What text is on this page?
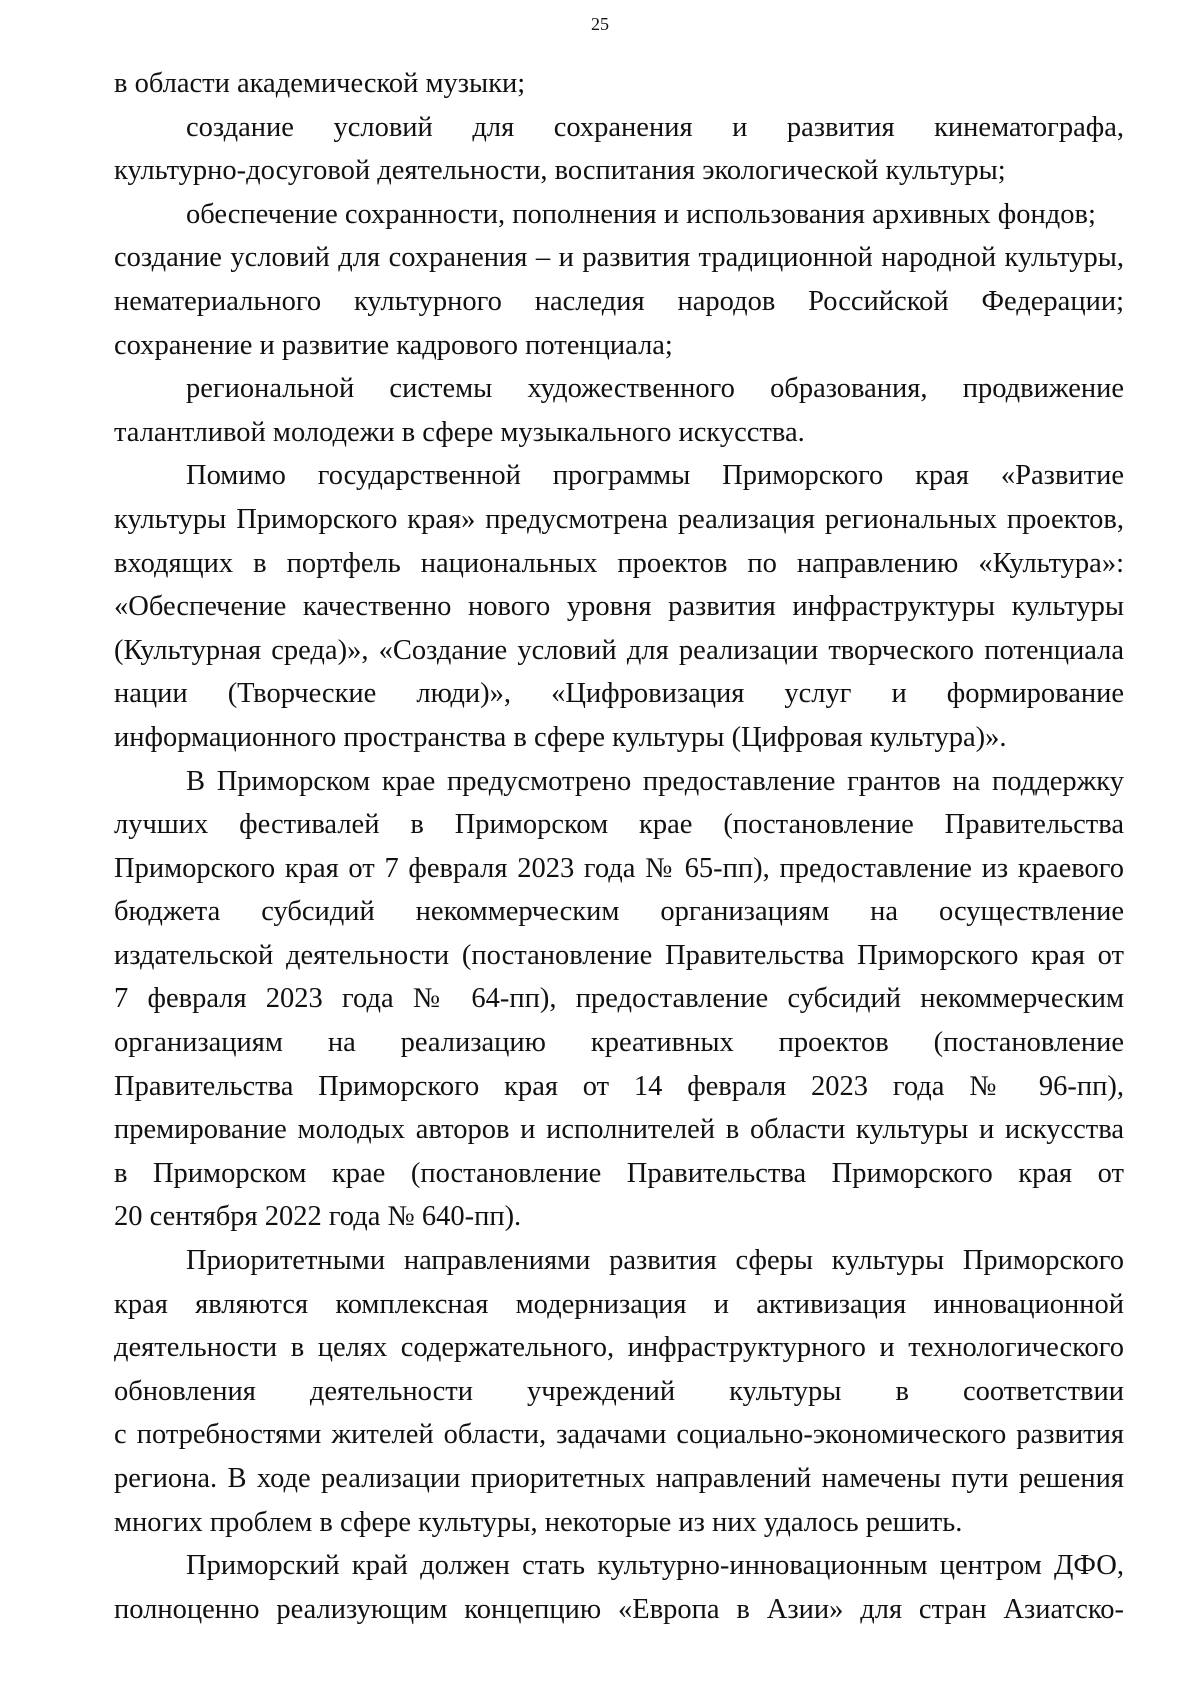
25

в области академической музыки;

создание условий для сохранения и развития кинематографа,
культурно-досуговой деятельности, воспитания экологической культуры;

обеспечение сохранности, пополнения и использования архивных фондов;

создание условий для сохранения – и развития традиционной народной культуры,
нематериального культурного наследия народов Российской Федерации;
сохранение и развитие кадрового потенциала;

региональной системы художественного образования, продвижение
талантливой молодежи в сфере музыкального искусства.

Помимо государственной программы Приморского края «Развитие
культуры Приморского края» предусмотрена реализация региональных проектов,
входящих в портфель национальных проектов по направлению «Культура»:
«Обеспечение качественно нового уровня развития инфраструктуры культуры
(Культурная среда)», «Создание условий для реализации творческого потенциала
нации (Творческие люди)», «Цифровизация услуг и формирование
информационного пространства в сфере культуры (Цифровая культура)».

В Приморском крае предусмотрено предоставление грантов на поддержку
лучших фестивалей в Приморском крае (постановление Правительства
Приморского края от 7 февраля 2023 года № 65-пп), предоставление из краевого
бюджета субсидий некоммерческим организациям на осуществление
издательской деятельности (постановление Правительства Приморского края от
7 февраля 2023 года № 64-пп), предоставление субсидий некоммерческим
организациям на реализацию креативных проектов (постановление
Правительства Приморского края от 14 февраля 2023 года № 96-пп),
премирование молодых авторов и исполнителей в области культуры и искусства
в Приморском крае (постановление Правительства Приморского края от
20 сентября 2022 года № 640-пп).

Приоритетными направлениями развития сферы культуры Приморского
края являются комплексная модернизация и активизация инновационной
деятельности в целях содержательного, инфраструктурного и технологического
обновления деятельности учреждений культуры в соответствии
с потребностями жителей области, задачами социально-экономического развития
региона. В ходе реализации приоритетных направлений намечены пути решения
многих проблем в сфере культуры, некоторые из них удалось решить.

Приморский край должен стать культурно-инновационным центром ДФО,
полноценно реализующим концепцию «Европа в Азии» для стран Азиатско-
